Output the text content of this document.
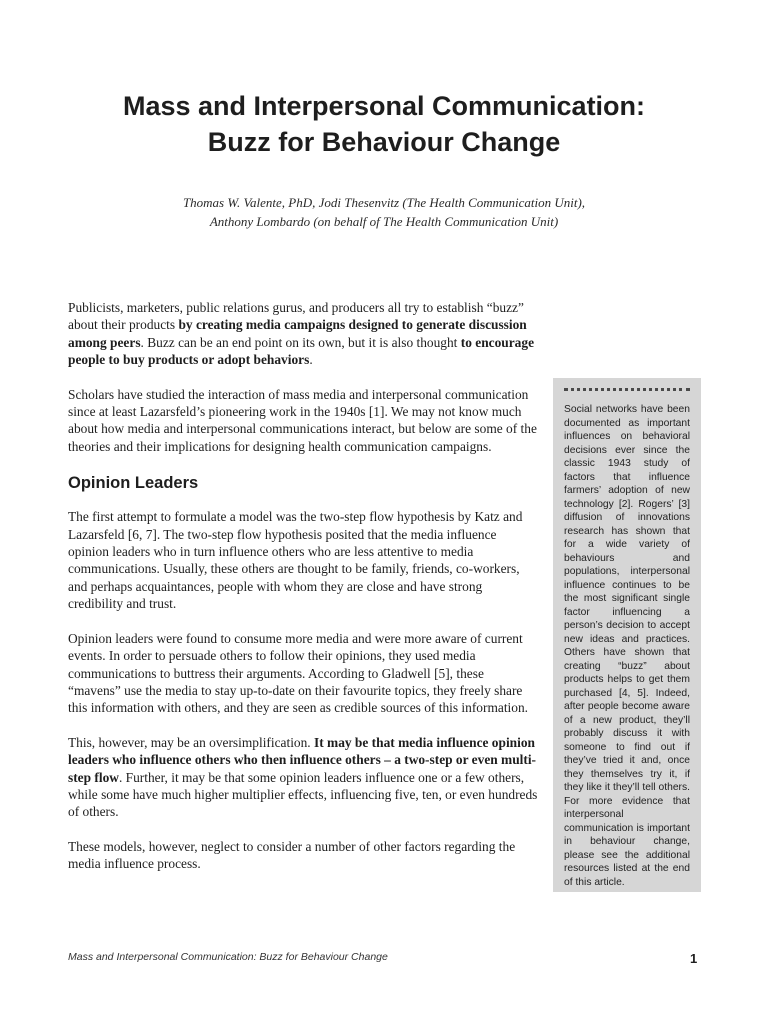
Mass and Interpersonal Communication:
Buzz for Behaviour Change
Thomas W. Valente, PhD, Jodi Thesenvitz (The Health Communication Unit),
Anthony Lombardo (on behalf of The Health Communication Unit)

Publicists, marketers, public relations gurus, and producers all try to establish “buzz” about their products by creating media campaigns designed to generate discussion among peers. Buzz can be an end point on its own, but it is also thought to encourage people to buy products or adopt behaviors.

Scholars have studied the interaction of mass media and interpersonal communication since at least Lazarsfeld’s pioneering work in the 1940s [1]. We may not know much about how media and interpersonal communications interact, but below are some of the theories and their implications for designing health communication campaigns.

Opinion Leaders

The first attempt to formulate a model was the two-step flow hypothesis by Katz and Lazarsfeld [6, 7]. The two-step flow hypothesis posited that the media influence opinion leaders who in turn influence others who are less attentive to media communications. Usually, these others are thought to be family, friends, co-workers, and perhaps acquaintances, people with whom they are close and have strong credibility and trust.

Opinion leaders were found to consume more media and were more aware of current events. In order to persuade others to follow their opinions, they used media communications to buttress their arguments. According to Gladwell [5], these “mavens” use the media to stay up-to-date on their favourite topics, they freely share this information with others, and they are seen as credible sources of this information.

This, however, may be an oversimplification. It may be that media influence opinion leaders who influence others who then influence others – a two-step or even multi-step flow. Further, it may be that some opinion leaders influence one or a few others, while some have much higher multiplier effects, influencing five, ten, or even hundreds of others.

These models, however, neglect to consider a number of other factors regarding the media influence process.

Social networks have been documented as important influences on behavioral decisions ever since the classic 1943 study of factors that influence farmers’ adoption of new technology [2]. Rogers’ [3] diffusion of innovations research has shown that for a wide variety of behaviours and populations, interpersonal influence continues to be the most significant single factor influencing a person’s decision to accept new ideas and practices. Others have shown that creating “buzz” about products helps to get them purchased [4, 5]. Indeed, after people become aware of a new product, they’ll probably discuss it with someone to find out if they’ve tried it and, once they themselves try it, if they like it they’ll tell others. For more evidence that interpersonal communication is important in behaviour change, please see the additional resources listed at the end of this article.

Mass and Interpersonal Communication: Buzz for Behaviour Change	1
